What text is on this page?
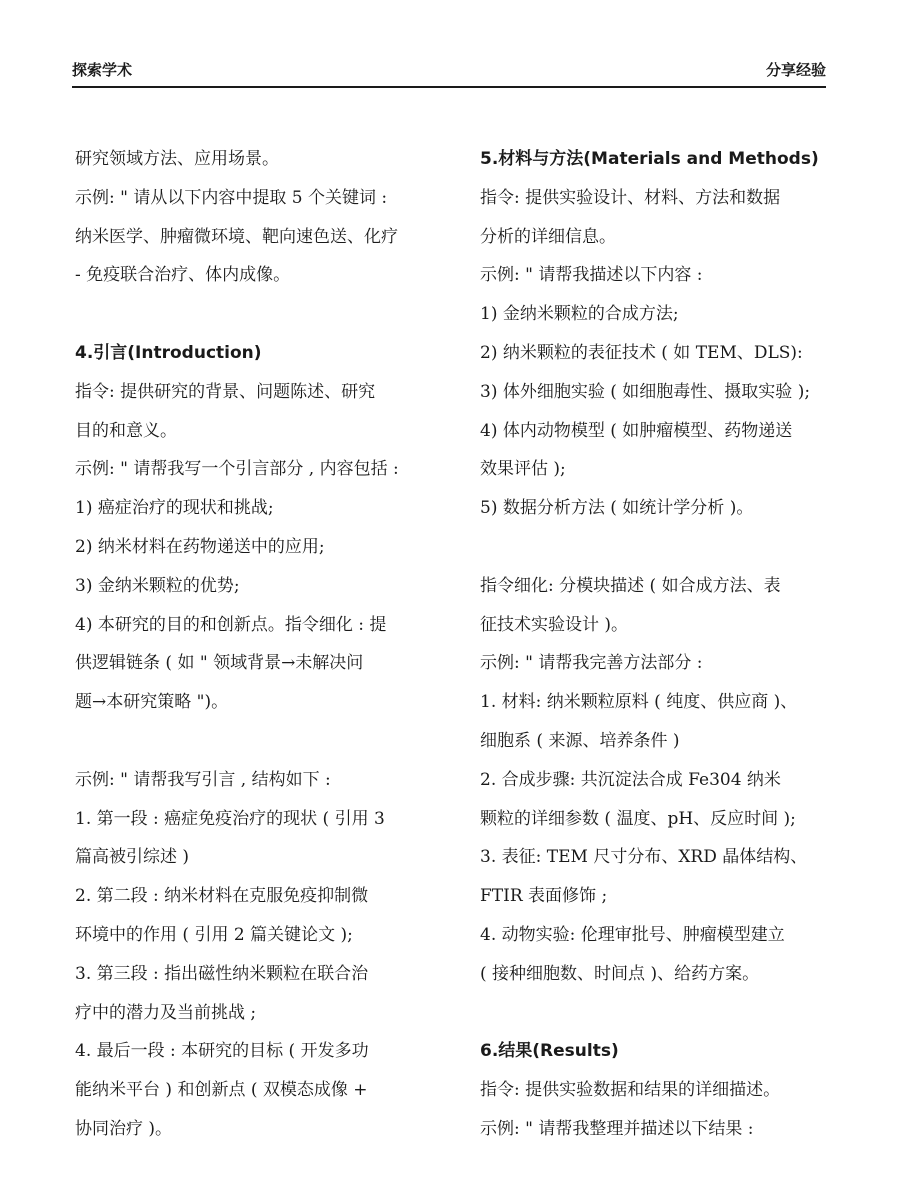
探索学术	分享经验

研究领域方法、应用场景。

示例: " 请从以下内容中提取 5 个关键词 :

纳米医学、肿瘤微环境、靶向速色送、化疗

- 免疫联合治疗、体内成像。

4.引言(Introduction)

指令: 提供研究的背景、问题陈述、研究

目的和意义。

示例: " 请帮我写一个引言部分 , 内容包括 :

1) 癌症治疗的现状和挑战;

2) 纳米材料在药物递送中的应用;

3) 金纳米颗粒的优势;

4) 本研究的目的和创新点。指令细化 : 提

供逻辑链条 ( 如 " 领域背景→未解决问

题→本研究策略 ")。

示例: " 请帮我写引言 , 结构如下 :

1. 第一段 : 癌症免疫治疗的现状 ( 引用 3

篇高被引综述 )

2. 第二段 : 纳米材料在克服免疫抑制微

环境中的作用 ( 引用 2 篇关键论文 );

3. 第三段 : 指出磁性纳米颗粒在联合治

疗中的潜力及当前挑战 ;

4. 最后一段 : 本研究的目标 ( 开发多功

能纳米平台 ) 和创新点 ( 双模态成像 +

协同治疗 )。

5.材料与方法(Materials and Methods)

指令: 提供实验设计、材料、方法和数据

分析的详细信息。

示例: " 请帮我描述以下内容 :

1) 金纳米颗粒的合成方法;

2) 纳米颗粒的表征技术 ( 如 TEM、DLS):

3) 体外细胞实验 ( 如细胞毒性、摄取实验 );

4) 体内动物模型 ( 如肿瘤模型、药物递送

效果评估 );

5) 数据分析方法 ( 如统计学分析 )。

指令细化: 分模块描述 ( 如合成方法、表

征技术实验设计 )。

示例: " 请帮我完善方法部分 :

1. 材料: 纳米颗粒原料 ( 纯度、供应商 )、

细胞系 ( 来源、培养条件 )

2. 合成步骤: 共沉淀法合成 Fe304 纳米

颗粒的详细参数 ( 温度、pH、反应时间 );

3. 表征: TEM 尺寸分布、XRD 晶体结构、

FTIR 表面修饰 ;

4. 动物实验: 伦理审批号、肿瘤模型建立

( 接种细胞数、时间点 )、给药方案。

6.结果(Results)

指令: 提供实验数据和结果的详细描述。

示例: " 请帮我整理并描述以下结果 :
